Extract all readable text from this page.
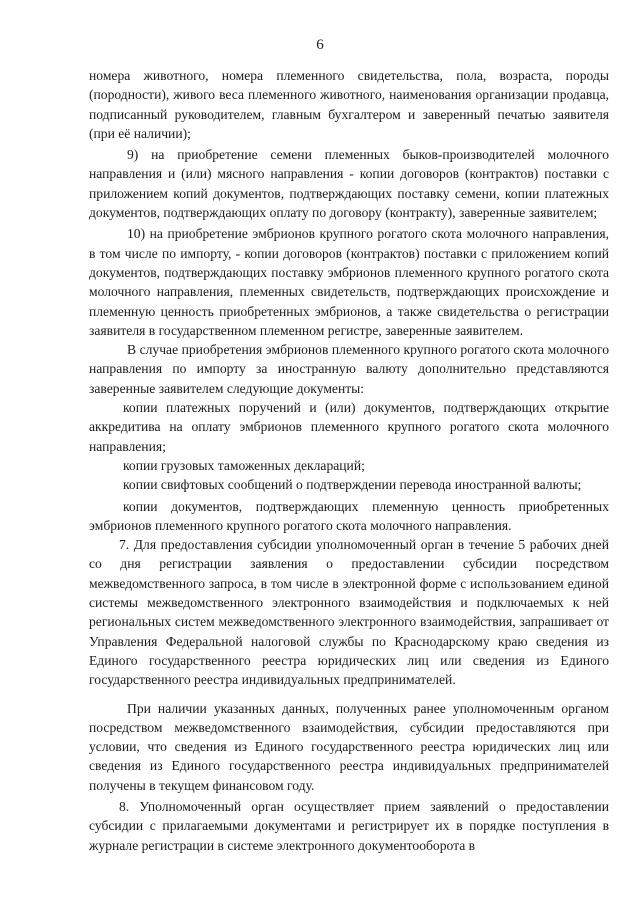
6

номера животного, номера племенного свидетельства, пола, возраста, породы (породности), живого веса племенного животного, наименования организации продавца, подписанный руководителем, главным бухгалтером и заверенный печатью заявителя (при её наличии);

9) на приобретение семени племенных быков-производителей молочного направления и (или) мясного направления - копии договоров (контрактов) поставки с приложением копий документов, подтверждающих поставку семени, копии платежных документов, подтверждающих оплату по договору (контракту), заверенные заявителем;

10) на приобретение эмбрионов крупного рогатого скота молочного направления, в том числе по импорту, - копии договоров (контрактов) поставки с приложением копий документов, подтверждающих поставку эмбрионов племенного крупного рогатого скота молочного направления, племенных свидетельств, подтверждающих происхождение и племенную ценность приобретенных эмбрионов, а также свидетельства о регистрации заявителя в государственном племенном регистре, заверенные заявителем.

В случае приобретения эмбрионов племенного крупного рогатого скота молочного направления по импорту за иностранную валюту дополнительно представляются заверенные заявителем следующие документы:

копии платежных поручений и (или) документов, подтверждающих открытие аккредитива на оплату эмбрионов племенного крупного рогатого скота молочного направления;

копии грузовых таможенных деклараций;

копии свифтовых сообщений о подтверждении перевода иностранной валюты;

копии документов, подтверждающих племенную ценность приобретенных эмбрионов племенного крупного рогатого скота молочного направления.

7. Для предоставления субсидии уполномоченный орган в течение 5 рабочих дней со дня регистрации заявления о предоставлении субсидии посредством межведомственного запроса, в том числе в электронной форме с использованием единой системы межведомственного электронного взаимодействия и подключаемых к ней региональных систем межведомственного электронного взаимодействия, запрашивает от Управления Федеральной налоговой службы по Краснодарскому краю сведения из Единого государственного реестра юридических лиц или сведения из Единого государственного реестра индивидуальных предпринимателей.

При наличии указанных данных, полученных ранее уполномоченным органом посредством межведомственного взаимодействия, субсидии предоставляются при условии, что сведения из Единого государственного реестра юридических лиц или сведения из Единого государственного реестра индивидуальных предпринимателей получены в текущем финансовом году.

8. Уполномоченный орган осуществляет прием заявлений о предоставлении субсидии с прилагаемыми документами и регистрирует их в порядке поступления в журнале регистрации в системе электронного документооборота в
